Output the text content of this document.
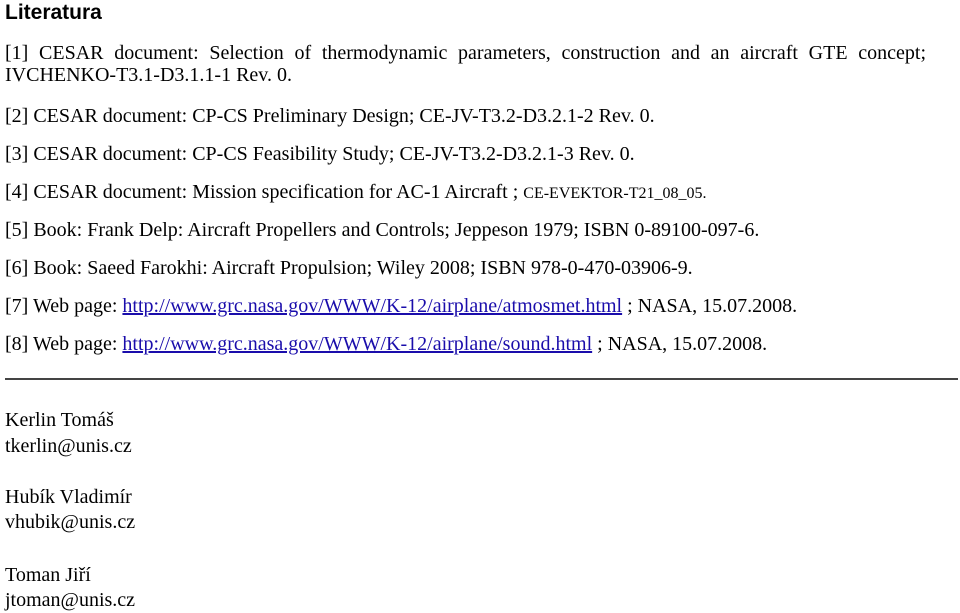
Literatura
[1] CESAR document: Selection of thermodynamic parameters, construction and an aircraft GTE concept; IVCHENKO-T3.1-D3.1.1-1 Rev. 0.
[2] CESAR document: CP-CS Preliminary Design; CE-JV-T3.2-D3.2.1-2 Rev. 0.
[3] CESAR document: CP-CS Feasibility Study; CE-JV-T3.2-D3.2.1-3 Rev. 0.
[4] CESAR document: Mission specification for AC-1 Aircraft ; CE-EVEKTOR-T21_08_05.
[5] Book: Frank Delp: Aircraft Propellers and Controls; Jeppeson 1979; ISBN 0-89100-097-6.
[6] Book: Saeed Farokhi: Aircraft Propulsion; Wiley 2008; ISBN 978-0-470-03906-9.
[7] Web page: http://www.grc.nasa.gov/WWW/K-12/airplane/atmosmet.html ; NASA, 15.07.2008.
[8] Web page: http://www.grc.nasa.gov/WWW/K-12/airplane/sound.html ; NASA, 15.07.2008.
Kerlin Tomáš
tkerlin@unis.cz
Hubík Vladimír
vhubik@unis.cz
Toman Jiří
jtoman@unis.cz
